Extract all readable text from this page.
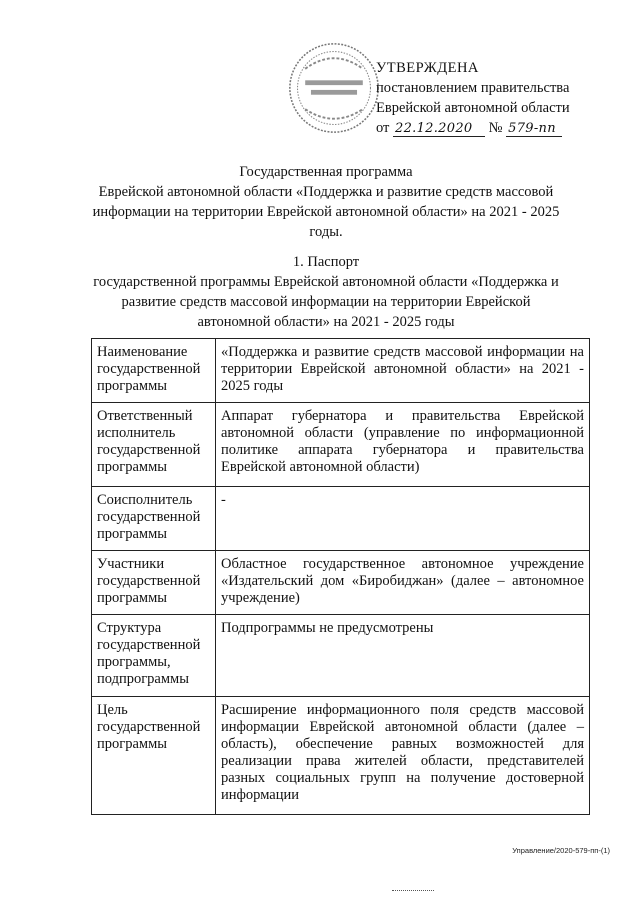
УТВЕРЖДЕНА
постановлением правительства
Еврейской автономной области
от 22.12.2020 № 579-пп
Государственная программа
Еврейской автономной области «Поддержка и развитие средств массовой
информации на территории Еврейской автономной области» на 2021 - 2025
годы.
1. Паспорт
государственной программы Еврейской автономной области «Поддержка и
развитие средств массовой информации на территории Еврейской
автономной области» на 2021 - 2025 годы
Наименование государственной программы	«Поддержка и развитие средств массовой информации на территории Еврейской автономной области» на 2021 - 2025 годы
Ответственный исполнитель государственной программы	Аппарат губернатора и правительства Еврейской автономной области (управление по информационной политике аппарата губернатора и правительства Еврейской автономной области)
Соисполнитель государственной программы	-
Участники государственной программы	Областное государственное автономное учреждение «Издательский дом «Биробиджан» (далее – автономное учреждение)
Структура государственной программы, подпрограммы	Подпрограммы не предусмотрены
Цель государственной программы	Расширение информационного поля средств массовой информации Еврейской автономной области (далее – область), обеспечение равных возможностей для реализации права жителей области, представителей разных социальных групп на получение достоверной информации
Управление/2020-579-пп-(1)
